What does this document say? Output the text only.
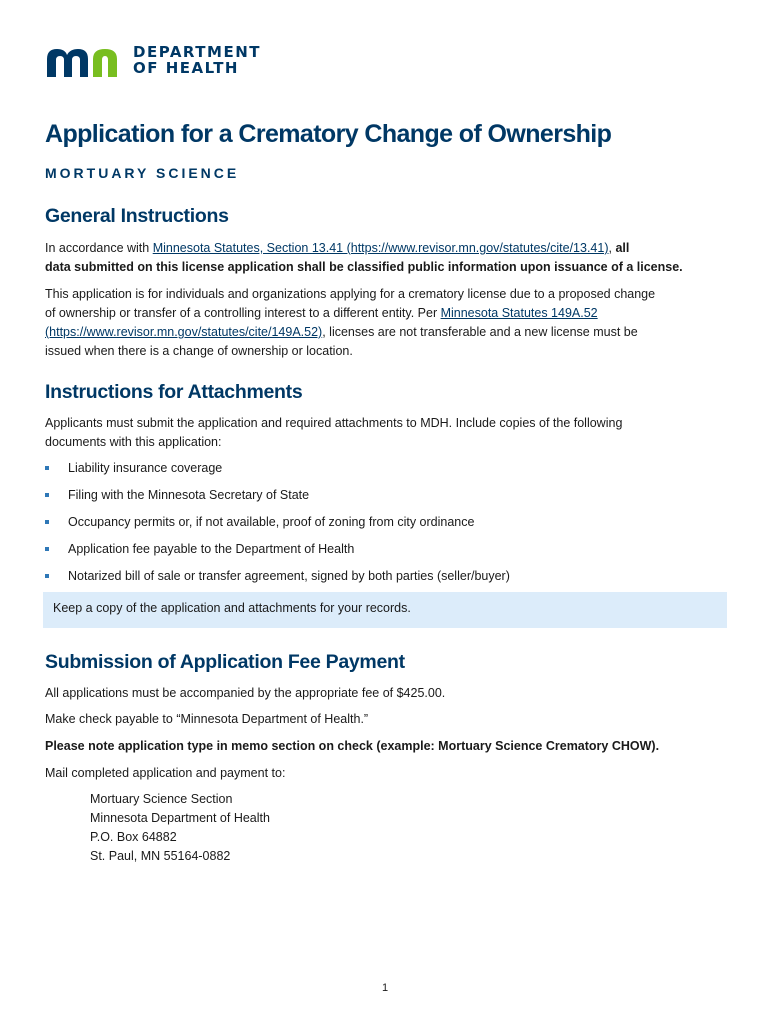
DEPARTMENT
OF HEALTH
Application for a Crematory Change of Ownership
MORTUARY SCIENCE
General Instructions
In accordance with Minnesota Statutes, Section 13.41 (https://www.revisor.mn.gov/statutes/cite/13.41), all
data submitted on this license application shall be classified public information upon issuance of a license.
This application is for individuals and organizations applying for a crematory license due to a proposed change
of ownership or transfer of a controlling interest to a different entity. Per Minnesota Statutes 149A.52
(https://www.revisor.mn.gov/statutes/cite/149A.52), licenses are not transferable and a new license must be
issued when there is a change of ownership or location.
Instructions for Attachments
Applicants must submit the application and required attachments to MDH. Include copies of the following
documents with this application:
Liability insurance coverage
Filing with the Minnesota Secretary of State
Occupancy permits or, if not available, proof of zoning from city ordinance
Application fee payable to the Department of Health
Notarized bill of sale or transfer agreement, signed by both parties (seller/buyer)
Keep a copy of the application and attachments for your records.
Submission of Application Fee Payment
All applications must be accompanied by the appropriate fee of $425.00.
Make check payable to “Minnesota Department of Health.”
Please note application type in memo section on check (example: Mortuary Science Crematory CHOW).
Mail completed application and payment to:
Mortuary Science Section
Minnesota Department of Health
P.O. Box 64882
St. Paul, MN 55164-0882
1
